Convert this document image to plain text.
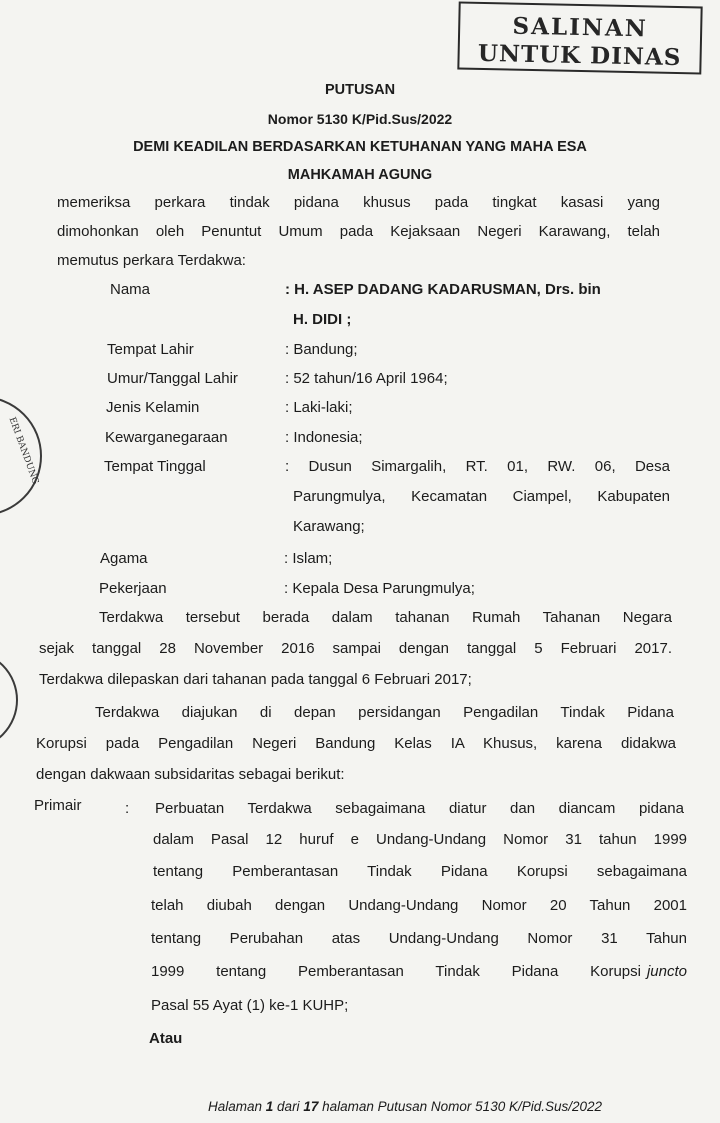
SALINAN
UNTUK DINAS
ERI BANDUNG
PUTUSAN
Nomor 5130 K/Pid.Sus/2022
DEMI KEADILAN BERDASARKAN KETUHANAN YANG MAHA ESA
MAHKAMAH AGUNG
memeriksa perkara tindak pidana khusus pada tingkat kasasi yang
dimohonkan oleh Penuntut Umum pada Kejaksaan Negeri Karawang, telah
memutus perkara Terdakwa:
Nama	: H. ASEP DADANG KADARUSMAN, Drs. bin
H. DIDI ;
Tempat Lahir	: Bandung;
Umur/Tanggal Lahir	: 52 tahun/16 April 1964;
Jenis Kelamin	: Laki-laki;
Kewarganegaraan	: Indonesia;
Tempat Tinggal	: Dusun Simargalih, RT. 01, RW. 06, Desa
Parungmulya, Kecamatan Ciampel, Kabupaten
Karawang;
Agama	: Islam;
Pekerjaan	: Kepala Desa Parungmulya;
Terdakwa tersebut berada dalam tahanan Rumah Tahanan Negara
sejak tanggal 28 November 2016 sampai dengan tanggal 5 Februari 2017.
Terdakwa dilepaskan dari tahanan pada tanggal 6 Februari 2017;
Terdakwa diajukan di depan persidangan Pengadilan Tindak Pidana
Korupsi pada Pengadilan Negeri Bandung Kelas IA Khusus, karena didakwa
dengan dakwaan subsidaritas sebagai berikut:
Primair	: Perbuatan Terdakwa sebagaimana diatur dan diancam pidana
dalam Pasal 12 huruf e Undang-Undang Nomor 31 tahun 1999
tentang Pemberantasan Tindak Pidana Korupsi sebagaimana
telah diubah dengan Undang-Undang Nomor 20 Tahun 2001
tentang Perubahan atas Undang-Undang Nomor 31 Tahun
1999 tentang Pemberantasan Tindak Pidana Korupsi juncto
Pasal 55 Ayat (1) ke-1 KUHP;
Atau
Halaman 1 dari 17 halaman Putusan Nomor 5130 K/Pid.Sus/2022
